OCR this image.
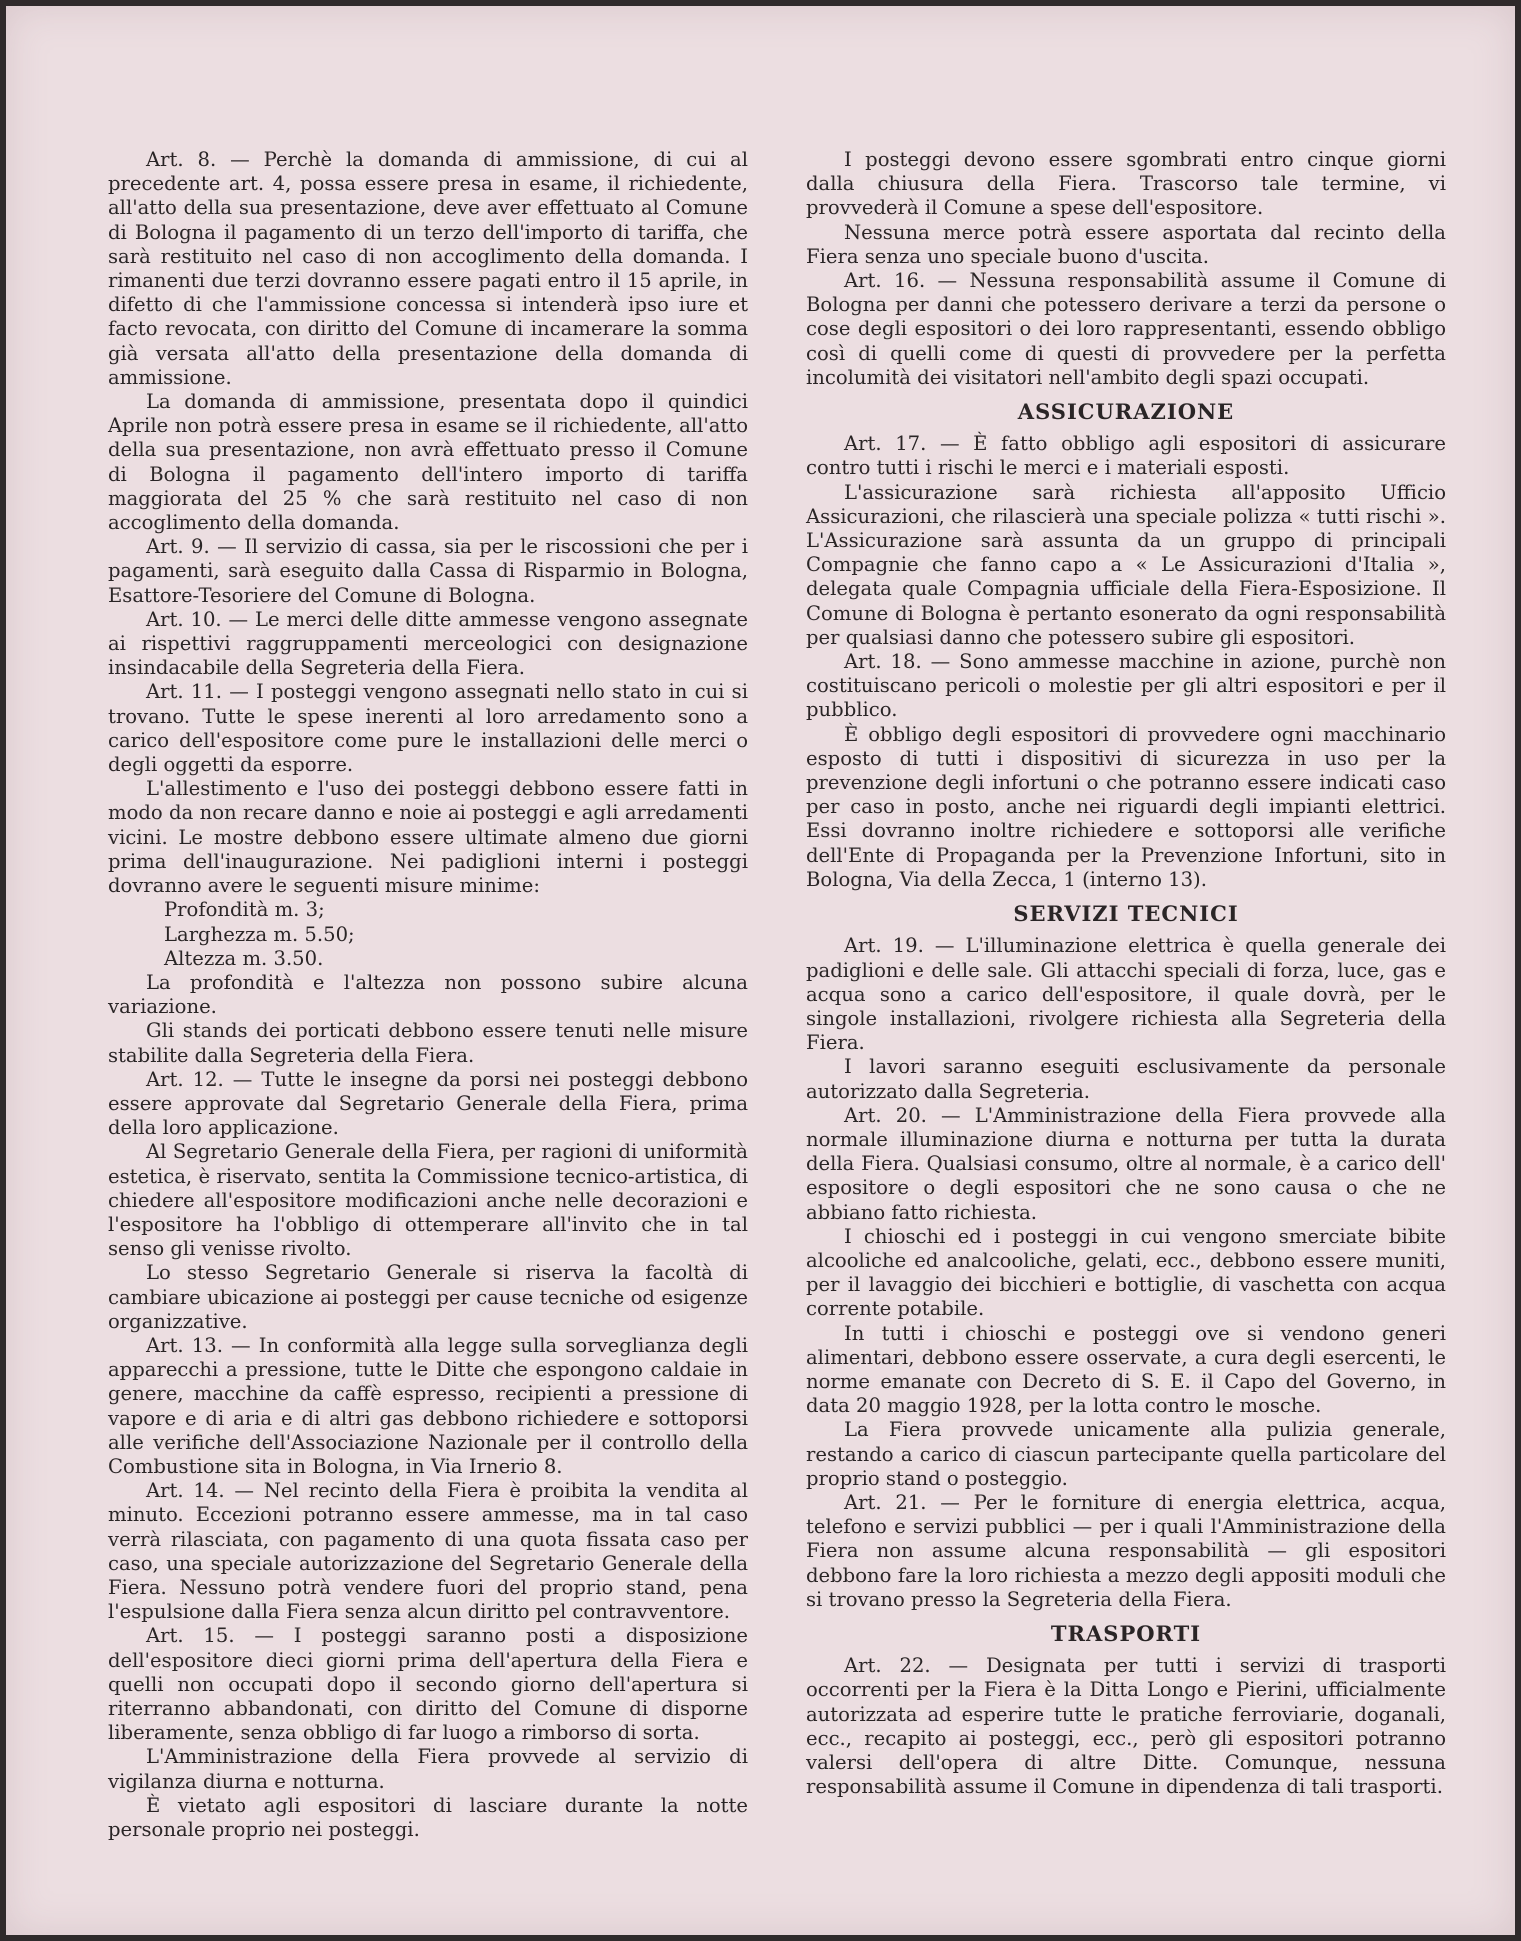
Art. 8. — Perchè la domanda di ammissione, di cui al precedente art. 4, possa essere presa in esame, il richiedente, all'atto della sua presentazione, deve aver effettuato al Comune di Bologna il pagamento di un terzo dell'importo di tariffa, che sarà restituito nel caso di non accoglimento della domanda. I rimanenti due terzi dovranno essere pagati entro il 15 aprile, in difetto di che l'ammissione concessa si intenderà ipso iure et facto revocata, con diritto del Comune di incamerare la somma già versata all'atto della presentazione della domanda di ammissione.

La domanda di ammissione, presentata dopo il quindici Aprile non potrà essere presa in esame se il richiedente, all'atto della sua presentazione, non avrà effettuato presso il Comune di Bologna il pagamento dell'intero importo di tariffa maggiorata del 25 % che sarà restituito nel caso di non accoglimento della domanda.

Art. 9. — Il servizio di cassa, sia per le riscossioni che per i pagamenti, sarà eseguito dalla Cassa di Risparmio in Bologna, Esattore-Tesoriere del Comune di Bologna.

Art. 10. — Le merci delle ditte ammesse vengono assegnate ai rispettivi raggruppamenti merceologici con designazione insindacabile della Segreteria della Fiera.

Art. 11. — I posteggi vengono assegnati nello stato in cui si trovano. Tutte le spese inerenti al loro arredamento sono a carico dell'espositore come pure le installazioni delle merci o degli oggetti da esporre.

L'allestimento e l'uso dei posteggi debbono essere fatti in modo da non recare danno e noie ai posteggi e agli arredamenti vicini. Le mostre debbono essere ultimate almeno due giorni prima dell'inaugurazione. Nei padiglioni interni i posteggi dovranno avere le seguenti misure minime:

Profondità m. 3;

Larghezza m. 5.50;

Altezza m. 3.50.

La profondità e l'altezza non possono subire alcuna variazione.

Gli stands dei porticati debbono essere tenuti nelle misure stabilite dalla Segreteria della Fiera.

Art. 12. — Tutte le insegne da porsi nei posteggi debbono essere approvate dal Segretario Generale della Fiera, prima della loro applicazione.

Al Segretario Generale della Fiera, per ragioni di uniformità estetica, è riservato, sentita la Commissione tecnico-artistica, di chiedere all'espositore modificazioni anche nelle decorazioni e l'espositore ha l'obbligo di ottemperare all'invito che in tal senso gli venisse rivolto.

Lo stesso Segretario Generale si riserva la facoltà di cambiare ubicazione ai posteggi per cause tecniche od esigenze organizzative.

Art. 13. — In conformità alla legge sulla sorveglianza degli apparecchi a pressione, tutte le Ditte che espongono caldaie in genere, macchine da caffè espresso, recipienti a pressione di vapore e di aria e di altri gas debbono richiedere e sottoporsi alle verifiche dell'Associazione Nazionale per il controllo della Combustione sita in Bologna, in Via Irnerio 8.

Art. 14. — Nel recinto della Fiera è proibita la vendita al minuto. Eccezioni potranno essere ammesse, ma in tal caso verrà rilasciata, con pagamento di una quota fissata caso per caso, una speciale autorizzazione del Segretario Generale della Fiera. Nessuno potrà vendere fuori del proprio stand, pena l'espulsione dalla Fiera senza alcun diritto pel contravventore.

Art. 15. — I posteggi saranno posti a disposizione dell'espositore dieci giorni prima dell'apertura della Fiera e quelli non occupati dopo il secondo giorno dell'apertura si riterranno abbandonati, con diritto del Comune di disporne liberamente, senza obbligo di far luogo a rimborso di sorta.

L'Amministrazione della Fiera provvede al servizio di vigilanza diurna e notturna.

È vietato agli espositori di lasciare durante la notte personale proprio nei posteggi.

I posteggi devono essere sgombrati entro cinque giorni dalla chiusura della Fiera. Trascorso tale termine, vi provvederà il Comune a spese dell'espositore.

Nessuna merce potrà essere asportata dal recinto della Fiera senza uno speciale buono d'uscita.

Art. 16. — Nessuna responsabilità assume il Comune di Bologna per danni che potessero derivare a terzi da persone o cose degli espositori o dei loro rappresentanti, essendo obbligo così di quelli come di questi di provvedere per la perfetta incolumità dei visitatori nell'ambito degli spazi occupati.

ASSICURAZIONE

Art. 17. — È fatto obbligo agli espositori di assicurare contro tutti i rischi le merci e i materiali esposti.

L'assicurazione sarà richiesta all'apposito Ufficio Assicurazioni, che rilascierà una speciale polizza « tutti rischi ». L'Assicurazione sarà assunta da un gruppo di principali Compagnie che fanno capo a « Le Assicurazioni d'Italia », delegata quale Compagnia ufficiale della Fiera-Esposizione. Il Comune di Bologna è pertanto esonerato da ogni responsabilità per qualsiasi danno che potessero subire gli espositori.

Art. 18. — Sono ammesse macchine in azione, purchè non costituiscano pericoli o molestie per gli altri espositori e per il pubblico.

È obbligo degli espositori di provvedere ogni macchinario esposto di tutti i dispositivi di sicurezza in uso per la prevenzione degli infortuni o che potranno essere indicati caso per caso in posto, anche nei riguardi degli impianti elettrici. Essi dovranno inoltre richiedere e sottoporsi alle verifiche dell'Ente di Propaganda per la Prevenzione Infortuni, sito in Bologna, Via della Zecca, 1 (interno 13).

SERVIZI TECNICI

Art. 19. — L'illuminazione elettrica è quella generale dei padiglioni e delle sale. Gli attacchi speciali di forza, luce, gas e acqua sono a carico dell'espositore, il quale dovrà, per le singole installazioni, rivolgere richiesta alla Segreteria della Fiera.

I lavori saranno eseguiti esclusivamente da personale autorizzato dalla Segreteria.

Art. 20. — L'Amministrazione della Fiera provvede alla normale illuminazione diurna e notturna per tutta la durata della Fiera. Qualsiasi consumo, oltre al normale, è a carico dell' espositore o degli espositori che ne sono causa o che ne abbiano fatto richiesta.

I chioschi ed i posteggi in cui vengono smerciate bibite alcooliche ed analcooliche, gelati, ecc., debbono essere muniti, per il lavaggio dei bicchieri e bottiglie, di vaschetta con acqua corrente potabile.

In tutti i chioschi e posteggi ove si vendono generi alimentari, debbono essere osservate, a cura degli esercenti, le norme emanate con Decreto di S. E. il Capo del Governo, in data 20 maggio 1928, per la lotta contro le mosche.

La Fiera provvede unicamente alla pulizia generale, restando a carico di ciascun partecipante quella particolare del proprio stand o posteggio.

Art. 21. — Per le forniture di energia elettrica, acqua, telefono e servizi pubblici — per i quali l'Amministrazione della Fiera non assume alcuna responsabilità — gli espositori debbono fare la loro richiesta a mezzo degli appositi moduli che si trovano presso la Segreteria della Fiera.

TRASPORTI

Art. 22. — Designata per tutti i servizi di trasporti occorrenti per la Fiera è la Ditta Longo e Pierini, ufficialmente autorizzata ad esperire tutte le pratiche ferroviarie, doganali, ecc., recapito ai posteggi, ecc., però gli espositori potranno valersi dell'opera di altre Ditte. Comunque, nessuna responsabilità assume il Comune in dipendenza di tali trasporti.
